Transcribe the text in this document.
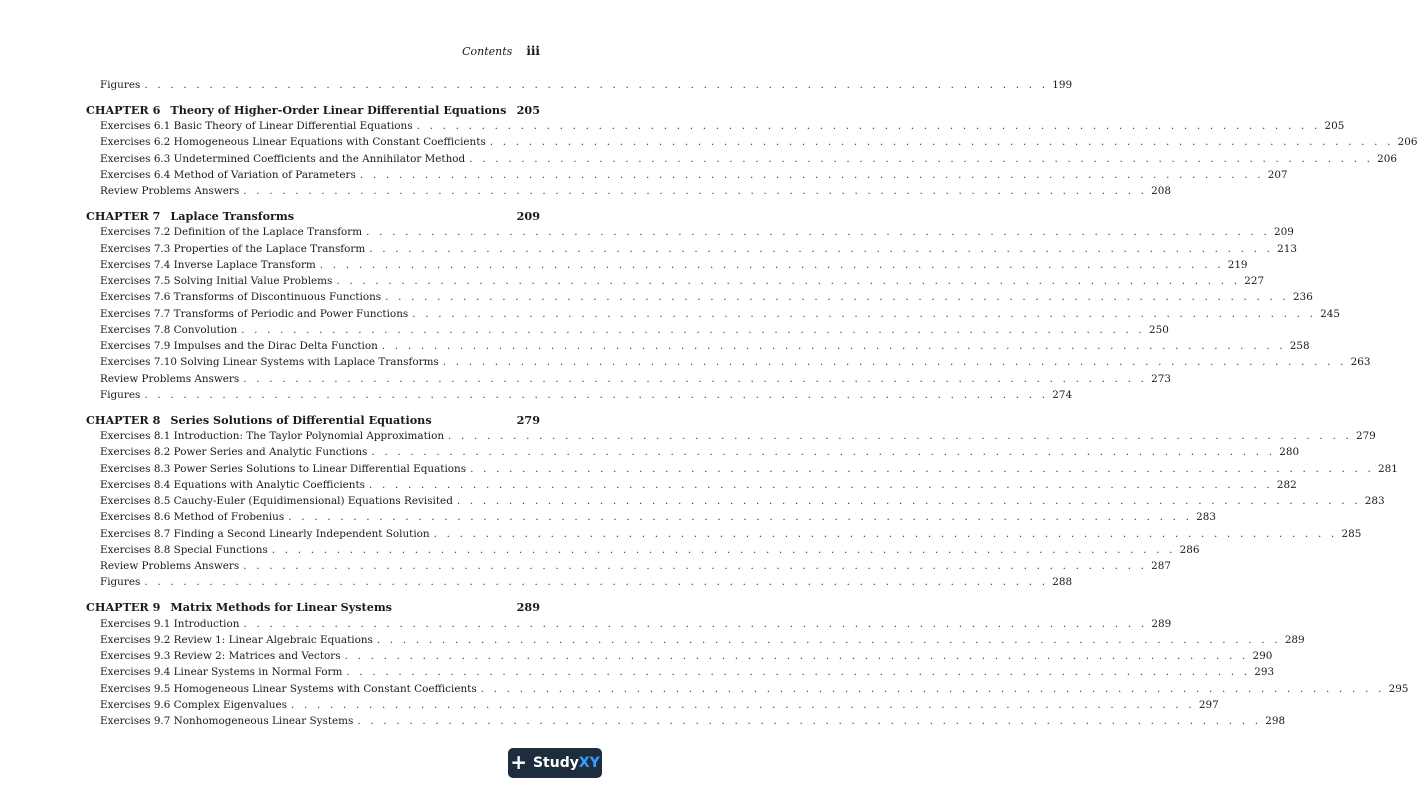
Contents iii
Figures . . . . . . . . . . . . . . . . . . . . . . . . . . . . . . . . . . . . . . . . . . . . . . . . . . . . . . . . . . . . . . . . . . . . . . 199
CHAPTER 6 Theory of Higher-Order Linear Differential Equations 205
Exercises 6.1 Basic Theory of Linear Differential Equations . . . . . . . . . . . . . . . . . . . . . . . . . . . . . . . . . . . . . . . . . . . . . . . . . . . . . . . . . . . . . . . . . . . . . . 205
Exercises 6.2 Homogeneous Linear Equations with Constant Coefficients . . . . . . . . . . . . . . . . . . . . . . . . . . . . . . . . . . . . . . . . . . . . . . . . . . . . . . . . . . . . . . . . . . . . . . 206
Exercises 6.3 Undetermined Coefficients and the Annihilator Method . . . . . . . . . . . . . . . . . . . . . . . . . . . . . . . . . . . . . . . . . . . . . . . . . . . . . . . . . . . . . . . . . . . . . . 206
Exercises 6.4 Method of Variation of Parameters . . . . . . . . . . . . . . . . . . . . . . . . . . . . . . . . . . . . . . . . . . . . . . . . . . . . . . . . . . . . . . . . . . . . . . 207
Review Problems Answers . . . . . . . . . . . . . . . . . . . . . . . . . . . . . . . . . . . . . . . . . . . . . . . . . . . . . . . . . . . . . . . . . . . . . . 208
CHAPTER 7 Laplace Transforms	209
Exercises 7.2 Definition of the Laplace Transform . . . . . . . . . . . . . . . . . . . . . . . . . . . . . . . . . . . . . . . . . . . . . . . . . . . . . . . . . . . . . . . . . . . . . . 209
Exercises 7.3 Properties of the Laplace Transform . . . . . . . . . . . . . . . . . . . . . . . . . . . . . . . . . . . . . . . . . . . . . . . . . . . . . . . . . . . . . . . . . . . . . . 213
Exercises 7.4 Inverse Laplace Transform . . . . . . . . . . . . . . . . . . . . . . . . . . . . . . . . . . . . . . . . . . . . . . . . . . . . . . . . . . . . . . . . . . . . . . 219
Exercises 7.5 Solving Initial Value Problems . . . . . . . . . . . . . . . . . . . . . . . . . . . . . . . . . . . . . . . . . . . . . . . . . . . . . . . . . . . . . . . . . . . . . . 227
Exercises 7.6 Transforms of Discontinuous Functions . . . . . . . . . . . . . . . . . . . . . . . . . . . . . . . . . . . . . . . . . . . . . . . . . . . . . . . . . . . . . . . . . . . . . . 236
Exercises 7.7 Transforms of Periodic and Power Functions . . . . . . . . . . . . . . . . . . . . . . . . . . . . . . . . . . . . . . . . . . . . . . . . . . . . . . . . . . . . . . . . . . . . . . 245
Exercises 7.8 Convolution . . . . . . . . . . . . . . . . . . . . . . . . . . . . . . . . . . . . . . . . . . . . . . . . . . . . . . . . . . . . . . . . . . . . . . 250
Exercises 7.9 Impulses and the Dirac Delta Function . . . . . . . . . . . . . . . . . . . . . . . . . . . . . . . . . . . . . . . . . . . . . . . . . . . . . . . . . . . . . . . . . . . . . . 258
Exercises 7.10 Solving Linear Systems with Laplace Transforms . . . . . . . . . . . . . . . . . . . . . . . . . . . . . . . . . . . . . . . . . . . . . . . . . . . . . . . . . . . . . . . . . . . . . . 263
Review Problems Answers . . . . . . . . . . . . . . . . . . . . . . . . . . . . . . . . . . . . . . . . . . . . . . . . . . . . . . . . . . . . . . . . . . . . . . 273
Figures . . . . . . . . . . . . . . . . . . . . . . . . . . . . . . . . . . . . . . . . . . . . . . . . . . . . . . . . . . . . . . . . . . . . . . 274
CHAPTER 8 Series Solutions of Differential Equations	279
Exercises 8.1 Introduction: The Taylor Polynomial Approximation . . . . . . . . . . . . . . . . . . . . . . . . . . . . . . . . . . . . . . . . . . . . . . . . . . . . . . . . . . . . . . . . . . . . . . 279
Exercises 8.2 Power Series and Analytic Functions . . . . . . . . . . . . . . . . . . . . . . . . . . . . . . . . . . . . . . . . . . . . . . . . . . . . . . . . . . . . . . . . . . . . . . 280
Exercises 8.3 Power Series Solutions to Linear Differential Equations . . . . . . . . . . . . . . . . . . . . . . . . . . . . . . . . . . . . . . . . . . . . . . . . . . . . . . . . . . . . . . . . . . . . . . 281
Exercises 8.4 Equations with Analytic Coefficients . . . . . . . . . . . . . . . . . . . . . . . . . . . . . . . . . . . . . . . . . . . . . . . . . . . . . . . . . . . . . . . . . . . . . . 282
Exercises 8.5 Cauchy-Euler (Equidimensional) Equations Revisited . . . . . . . . . . . . . . . . . . . . . . . . . . . . . . . . . . . . . . . . . . . . . . . . . . . . . . . . . . . . . . . . . . . . . . 283
Exercises 8.6 Method of Frobenius . . . . . . . . . . . . . . . . . . . . . . . . . . . . . . . . . . . . . . . . . . . . . . . . . . . . . . . . . . . . . . . . . . . . . . 283
Exercises 8.7 Finding a Second Linearly Independent Solution . . . . . . . . . . . . . . . . . . . . . . . . . . . . . . . . . . . . . . . . . . . . . . . . . . . . . . . . . . . . . . . . . . . . . . 285
Exercises 8.8 Special Functions . . . . . . . . . . . . . . . . . . . . . . . . . . . . . . . . . . . . . . . . . . . . . . . . . . . . . . . . . . . . . . . . . . . . . . 286
Review Problems Answers . . . . . . . . . . . . . . . . . . . . . . . . . . . . . . . . . . . . . . . . . . . . . . . . . . . . . . . . . . . . . . . . . . . . . . 287
Figures . . . . . . . . . . . . . . . . . . . . . . . . . . . . . . . . . . . . . . . . . . . . . . . . . . . . . . . . . . . . . . . . . . . . . . 288
CHAPTER 9 Matrix Methods for Linear Systems	289
Exercises 9.1 Introduction . . . . . . . . . . . . . . . . . . . . . . . . . . . . . . . . . . . . . . . . . . . . . . . . . . . . . . . . . . . . . . . . . . . . . . 289
Exercises 9.2 Review 1: Linear Algebraic Equations . . . . . . . . . . . . . . . . . . . . . . . . . . . . . . . . . . . . . . . . . . . . . . . . . . . . . . . . . . . . . . . . . . . . . . 289
Exercises 9.3 Review 2: Matrices and Vectors . . . . . . . . . . . . . . . . . . . . . . . . . . . . . . . . . . . . . . . . . . . . . . . . . . . . . . . . . . . . . . . . . . . . . . 290
Exercises 9.4 Linear Systems in Normal Form . . . . . . . . . . . . . . . . . . . . . . . . . . . . . . . . . . . . . . . . . . . . . . . . . . . . . . . . . . . . . . . . . . . . . . 293
Exercises 9.5 Homogeneous Linear Systems with Constant Coefficients . . . . . . . . . . . . . . . . . . . . . . . . . . . . . . . . . . . . . . . . . . . . . . . . . . . . . . . . . . . . . . . . . . . . . . 295
Exercises 9.6 Complex Eigenvalues . . . . . . . . . . . . . . . . . . . . . . . . . . . . . . . . . . . . . . . . . . . . . . . . . . . . . . . . . . . . . . . . . . . . . . 297
Exercises 9.7 Nonhomogeneous Linear Systems . . . . . . . . . . . . . . . . . . . . . . . . . . . . . . . . . . . . . . . . . . . . . . . . . . . . . . . . . . . . . . . . . . . . . . 298
+ StudyXY
